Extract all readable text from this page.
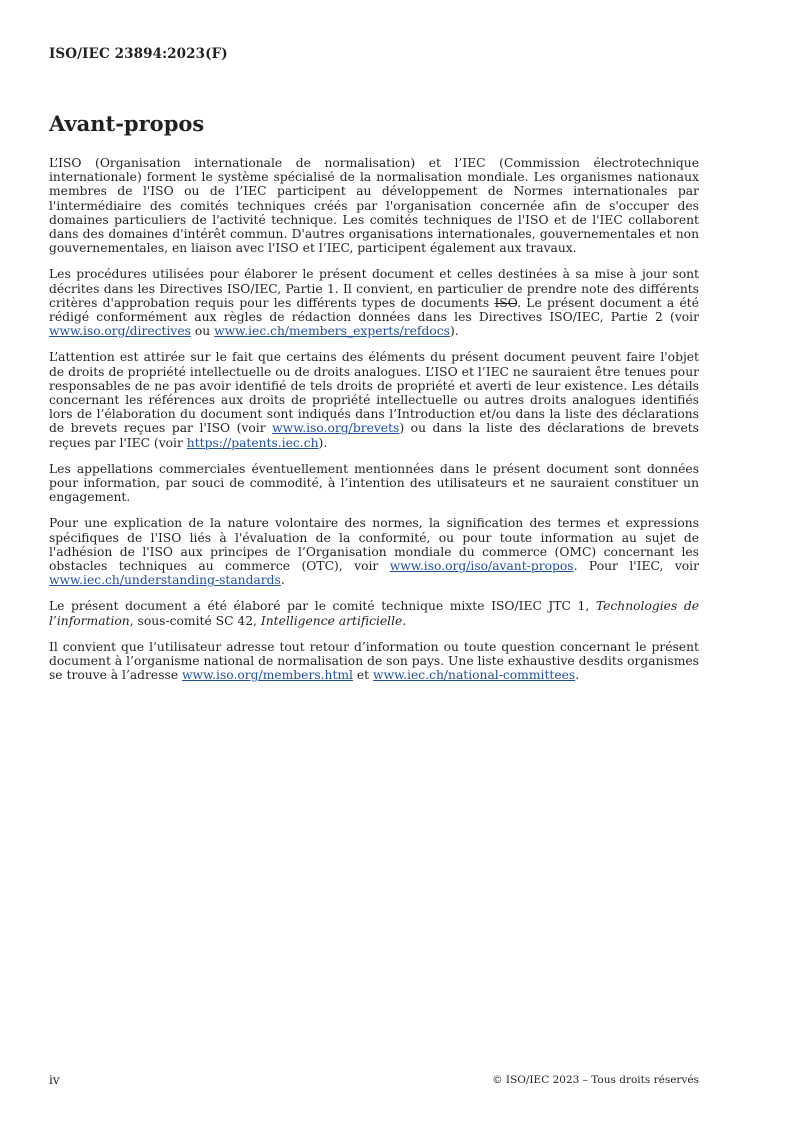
ISO/IEC 23894:2023(F)
Avant-propos

L’ISO (Organisation internationale de normalisation) et l’IEC (Commission électrotechnique internationale) forment le système spécialisé de la normalisation mondiale. Les organismes nationaux membres de l'ISO ou de l’IEC participent au développement de Normes internationales par l'intermédiaire des comités techniques créés par l'organisation concernée afin de s'occuper des domaines particuliers de l'activité technique. Les comités techniques de l'ISO et de l'IEC collaborent dans des domaines d'intérêt commun. D'autres organisations internationales, gouvernementales et non gouvernementales, en liaison avec l'ISO et l’IEC, participent également aux travaux.

Les procédures utilisées pour élaborer le présent document et celles destinées à sa mise à jour sont décrites dans les Directives ISO/IEC, Partie 1. Il convient, en particulier de prendre note des différents critères d'approbation requis pour les différents types de documents ISO. Le présent document a été rédigé conformément aux règles de rédaction données dans les Directives ISO/IEC, Partie 2 (voir www.iso.org/directives ou www.iec.ch/members_experts/refdocs).

L’attention est attirée sur le fait que certains des éléments du présent document peuvent faire l'objet de droits de propriété intellectuelle ou de droits analogues. L’ISO et l’IEC ne sauraient être tenues pour responsables de ne pas avoir identifié de tels droits de propriété et averti de leur existence. Les détails concernant les références aux droits de propriété intellectuelle ou autres droits analogues identifiés lors de l’élaboration du document sont indiqués dans l’Introduction et/ou dans la liste des déclarations de brevets reçues par l'ISO (voir www.iso.org/brevets) ou dans la liste des déclarations de brevets reçues par l'IEC (voir https://patents.iec.ch).

Les appellations commerciales éventuellement mentionnées dans le présent document sont données pour information, par souci de commodité, à l’intention des utilisateurs et ne sauraient constituer un engagement.

Pour une explication de la nature volontaire des normes, la signification des termes et expressions spécifiques de l'ISO liés à l'évaluation de la conformité, ou pour toute information au sujet de l'adhésion de l'ISO aux principes de l’Organisation mondiale du commerce (OMC) concernant les obstacles techniques au commerce (OTC), voir www.iso.org/iso/avant-propos. Pour l'IEC, voir www.iec.ch/understanding-standards.

Le présent document a été élaboré par le comité technique mixte ISO/IEC JTC 1, Technologies de l’information, sous-comité SC 42, Intelligence artificielle.

Il convient que l’utilisateur adresse tout retour d’information ou toute question concernant le présent document à l’organisme national de normalisation de son pays. Une liste exhaustive desdits organismes se trouve à l’adresse www.iso.org/members.html et www.iec.ch/national-committees.

iv	© ISO/IEC 2023 – Tous droits réservés
